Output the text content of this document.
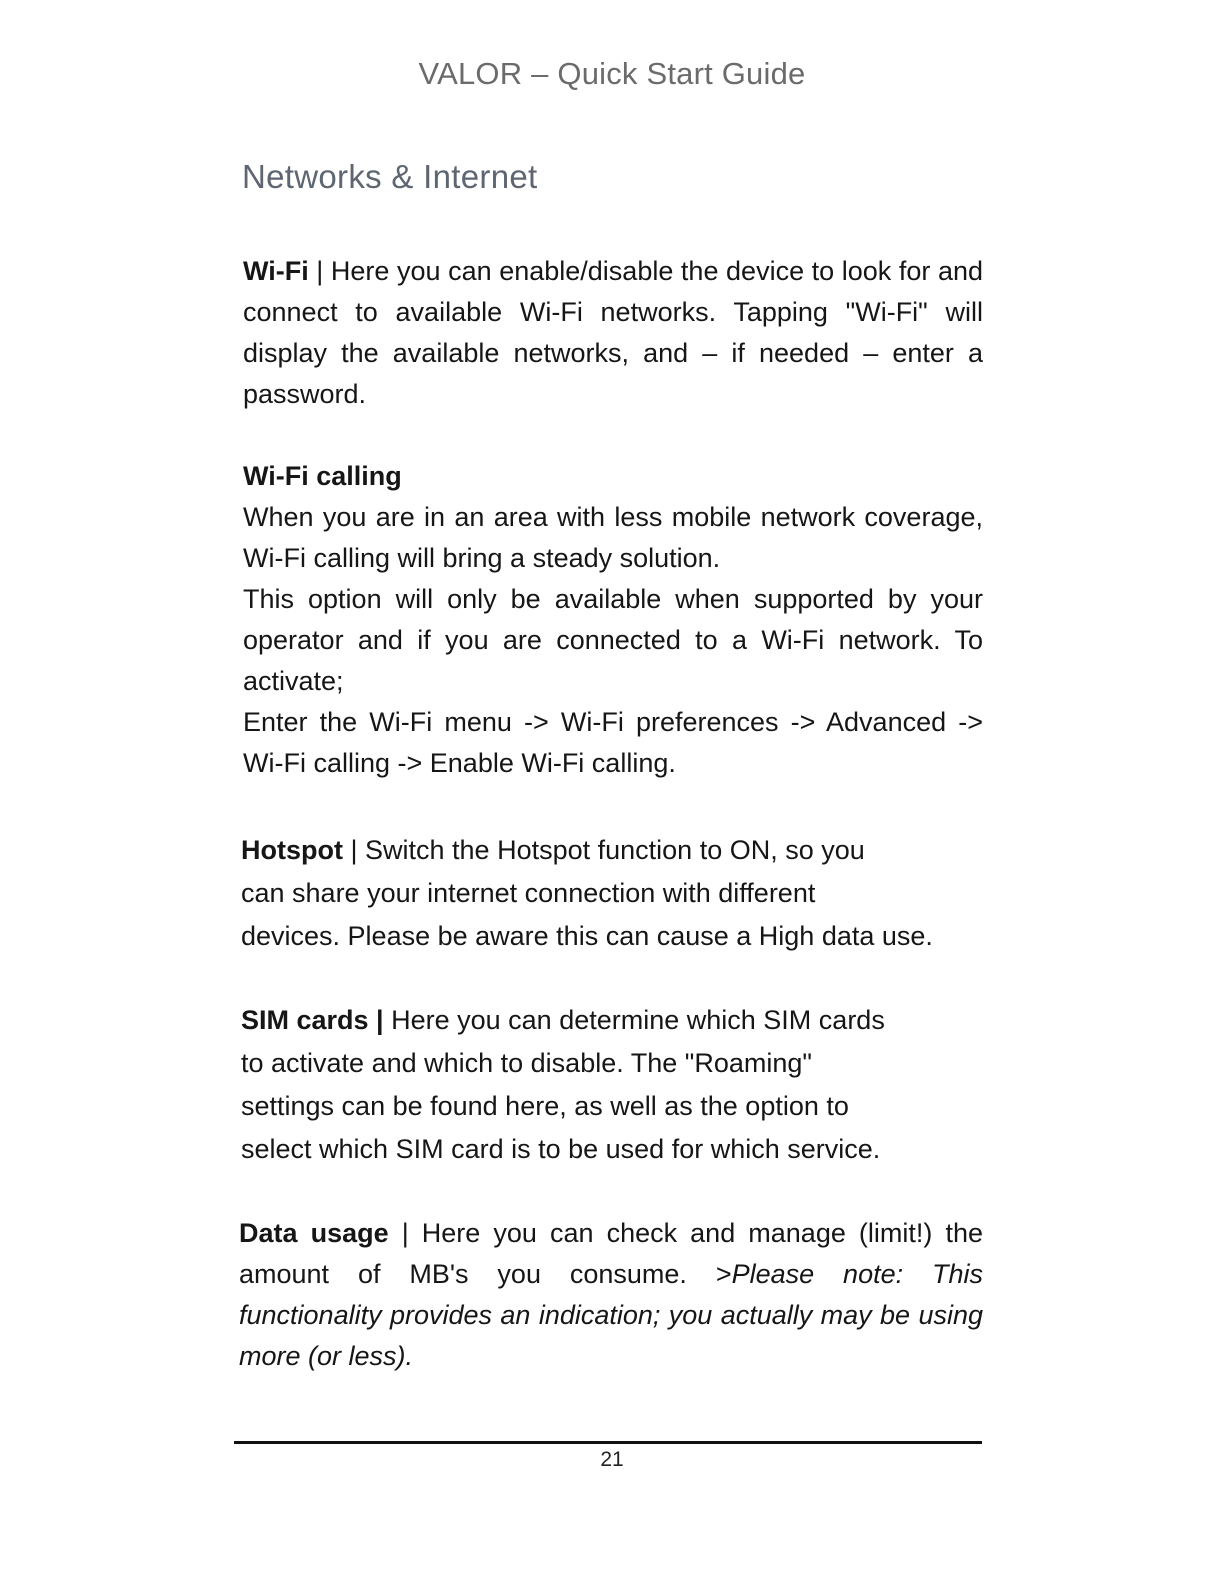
VALOR – Quick Start Guide
Networks & Internet

Wi-Fi | Here you can enable/disable the device to look for and connect to available Wi-Fi networks. Tapping "Wi-Fi" will display the available networks, and – if needed – enter a password.

Wi-Fi calling

When you are in an area with less mobile network coverage, Wi-Fi calling will bring a steady solution.

This option will only be available when supported by your operator and if you are connected to a Wi-Fi network. To activate;

Enter the Wi-Fi menu -> Wi-Fi preferences -> Advanced -> Wi-Fi calling -> Enable Wi-Fi calling.

Hotspot | Switch the Hotspot function to ON, so you

can share your internet connection with different

devices. Please be aware this can cause a High data use.

SIM cards | Here you can determine which SIM cards

to activate and which to disable. The "Roaming"

settings can be found here, as well as the option to

select which SIM card is to be used for which service.

Data usage | Here you can check and manage (limit!) the amount of MB's you consume. >Please note: This functionality provides an indication; you actually may be using more (or less).

21
